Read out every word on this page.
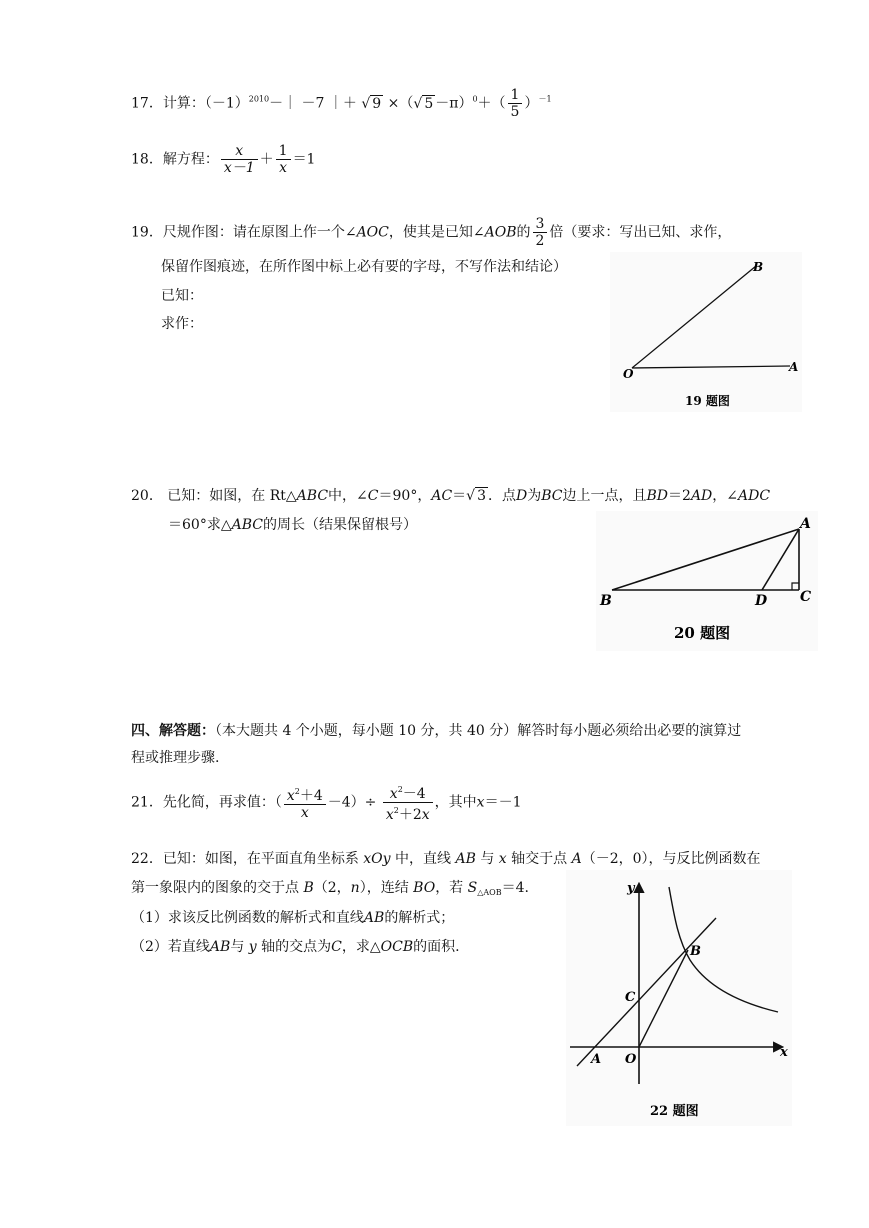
17．计算：$(-1)^{2010}-| -7$ ｜＋ √ 9 ×（√ $5 -\pi)^0+( \frac{1}{5} )^{-1}$
18．解方程： $\frac{x}{x-1} + \frac{1}{x} =1$
19．尺规作图：请在原图上作一个∠AOC，使其是已知∠AOB的 $\frac{3}{2}$ 倍（要求：写出已知、求作，
保留作图痕迹，在所作图中标上必有要的字母，不写作法和结论）
已知：
求作：
B
O	A
19 题图
20． 已知：如图，在 Rt△ABC中，∠C＝90°，AC＝√ 3 ．点D为BC边上一点，且BD＝2AD，∠ADC
＝60°求△ABC的周长（结果保留根号）	A
B	D C
20 题图
四、解答题：（本大题共 4 个小题，每小题 10 分，共 40 分）解答时每小题必须给出必要的演算过
程或推理步骤.
21．先化简，再求值：（ $\frac{x^2+4}{x} -4)\div \frac{x^2-4}{x^2+2x}$ ，其中x＝－1
22．已知：如图，在平面直角坐标系 xOy 中，直线 AB 与 x 轴交于点 A（－2，0），与反比例函数在
第一象限内的图象的交于点 B（2，n），连结 BO，若 $S_{\triangle AOB}=4$.
（1）求该反比例函数的解析式和直线AB的解析式；
（2）若直线AB与 y 轴的交点为C，求△OCB的面积.
y
x
A O
B
C
22 题图
